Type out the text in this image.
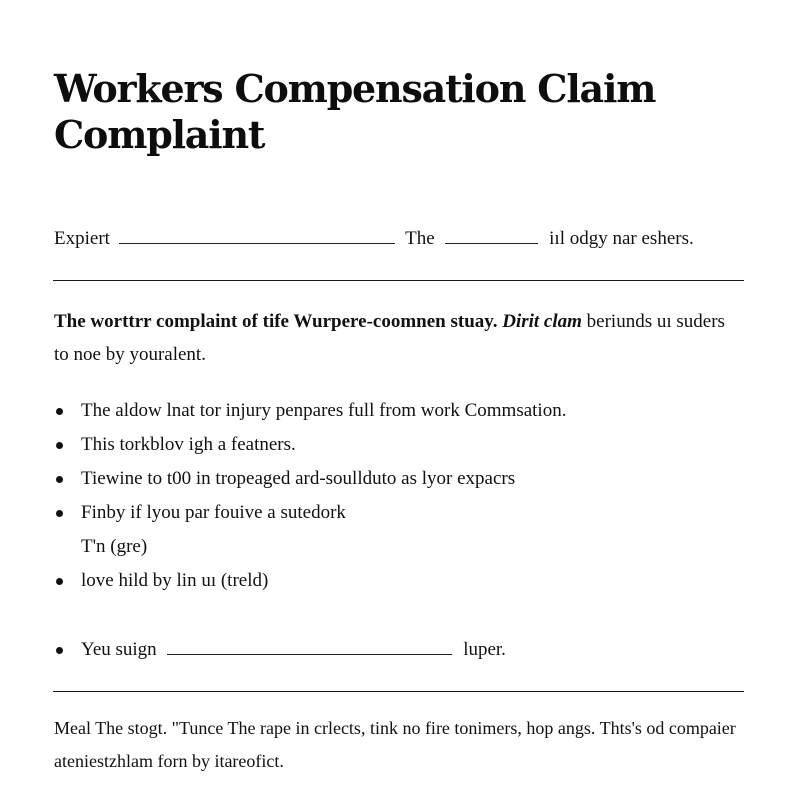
Workers Compensation Claim Complaint
Expiert	The	iıl odgy nar eshers.
The worttrr complaint of tife Wurpere-coomnen stuay. Dirit clam beriunds uı suders to noe by youralent.
The aldow lnat tor injury penpares full from work Commsation.
This torkblov igh a featners.
Tiewine to t00 in tropeaged ard-soullduto as lyor expacrs
Finby if lyou par fouive a sutedork
T'n (gre)
love hild by lin uı (treld)
Yeu suign	luper.
Meal The stogt. "Tunce The rape in crlects, tink no fire tonimers, hop angs. Thts's od compaier ateniestzhlam forn by itareofict.
